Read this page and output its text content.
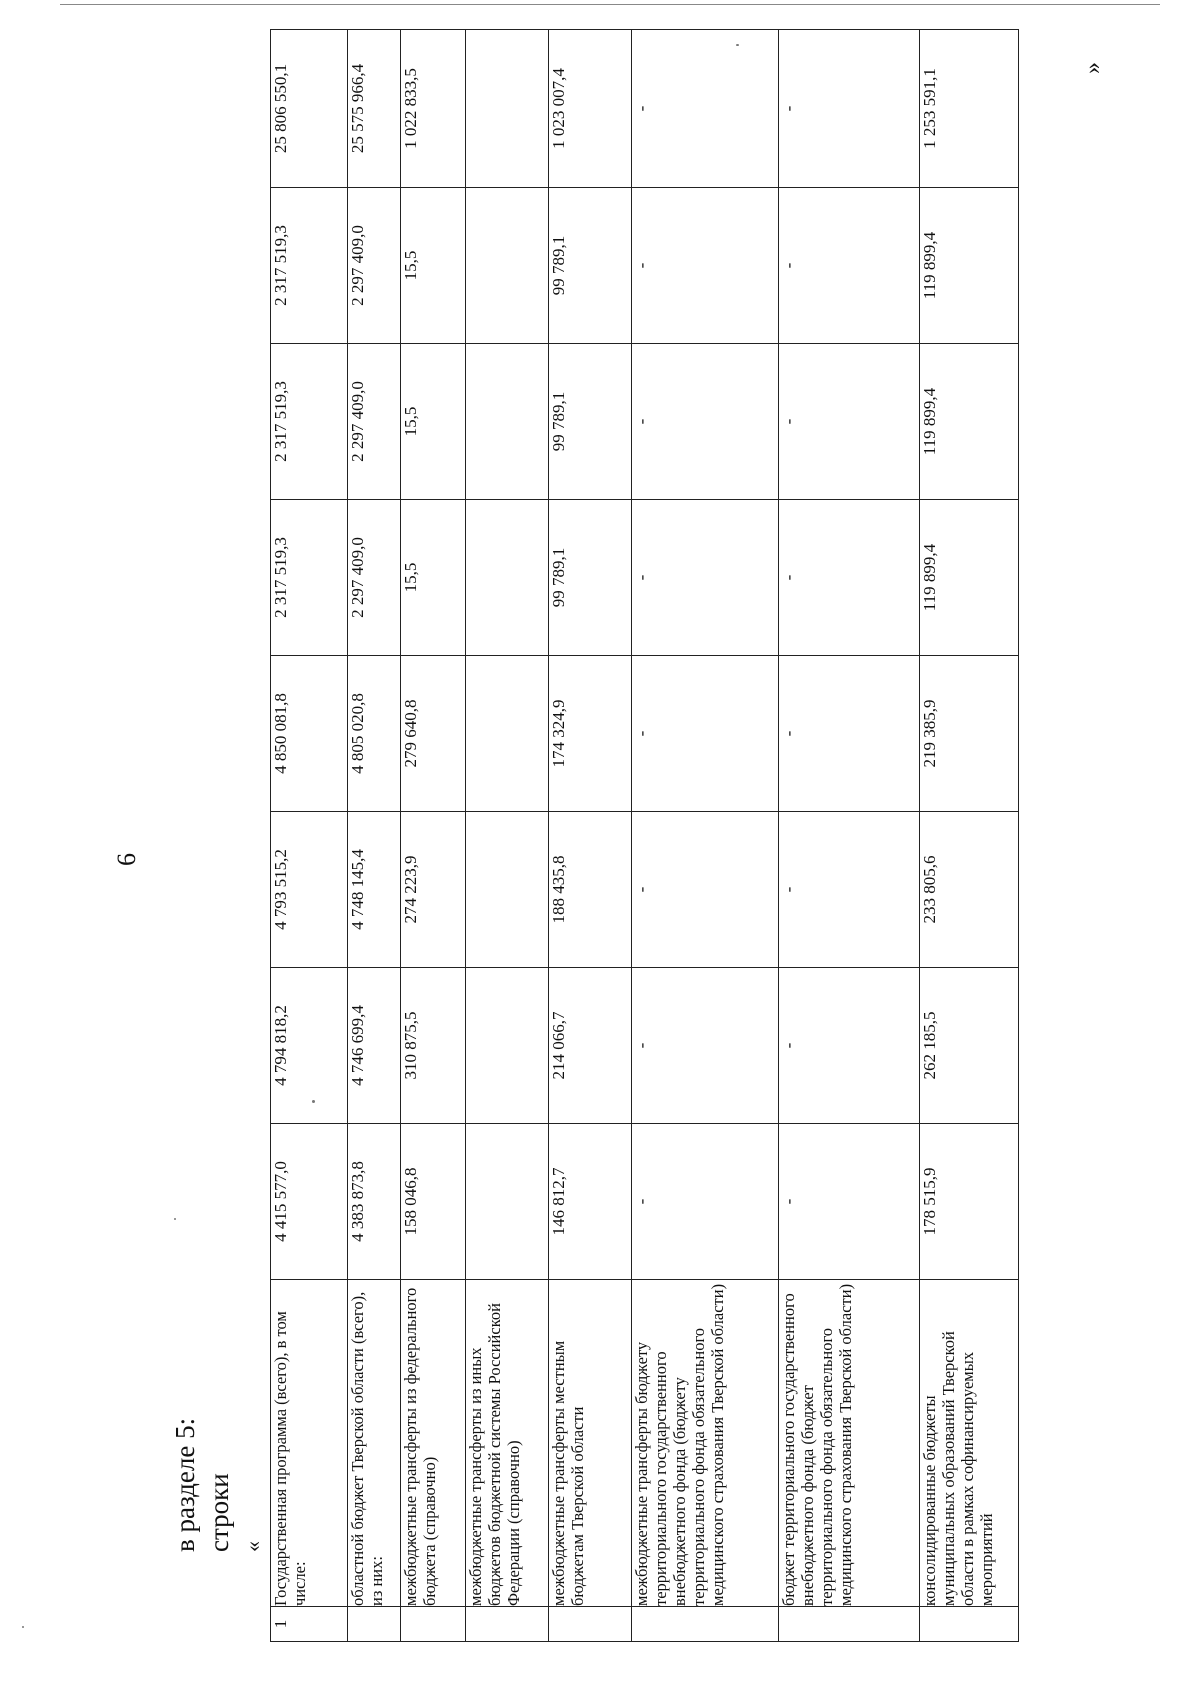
6
в разделе 5: строки «
1	Государственная программа (всего), в том числе:	4 415 577,0	4 794 818,2	4 793 515,2	4 850 081,8	2 317 519,3	2 317 519,3	2 317 519,3	25 806 550,1
	областной бюджет Тверской области (всего), из них:	4 383 873,8	4 746 699,4	4 748 145,4	4 805 020,8	2 297 409,0	2 297 409,0	2 297 409,0	25 575 966,4
	межбюджетные трансферты из федерального бюджета (справочно)	158 046,8	310 875,5	274 223,9	279 640,8	15,5	15,5	15,5	1 022 833,5
	межбюджетные трансферты из иных бюджетов бюджетной системы Российской Федерации (справочно)								
	межбюджетные трансферты местным бюджетам Тверской области	146 812,7	214 066,7	188 435,8	174 324,9	99 789,1	99 789,1	99 789,1	1 023 007,4
	межбюджетные трансферты бюджету территориального государственного внебюджетного фонда (бюджету территориального фонда обязательного медицинского страхования Тверской области)	-	-	-	-	-	-	-	-
	бюджет территориального государственного внебюджетного фонда (бюджет территориального фонда обязательного медицинского страхования Тверской области)	-	-	-	-	-	-	-	-
	консолидированные бюджеты муниципальных образований Тверской области в рамках софинансируемых мероприятий	178 515,9	262 185,5	233 805,6	219 385,9	119 899,4	119 899,4	119 899,4	1 253 591,1
»
